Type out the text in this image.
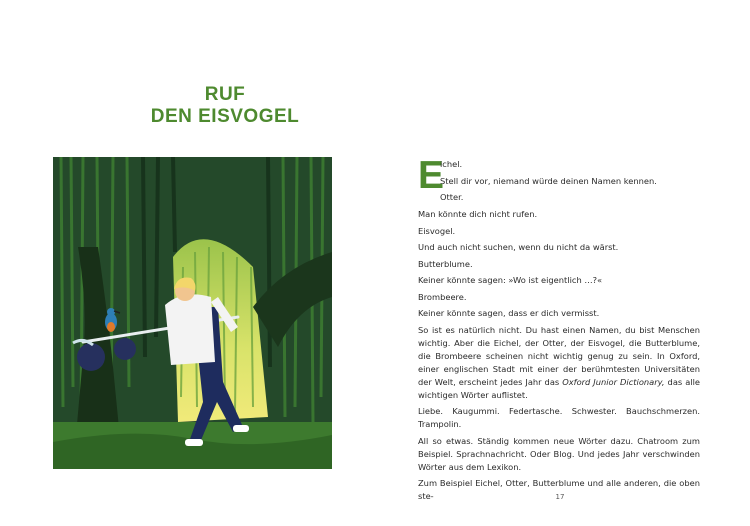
RUF
DEN EISVOGEL
E

ichel.

Stell dir vor, niemand würde deinen Namen kennen.

Otter.

Man könnte dich nicht rufen.

Eisvogel.

Und auch nicht suchen, wenn du nicht da wärst.

Butterblume.

Keiner könnte sagen: »Wo ist eigentlich …?«

Brombeere.

Keiner könnte sagen, dass er dich vermisst.

So ist es natürlich nicht. Du hast einen Namen, du bist Menschen wichtig. Aber die Eichel, der Otter, der Eisvogel, die Butterblume, die Brombeere scheinen nicht wichtig genug zu sein. In Oxford, einer englischen Stadt mit einer der berühmtesten Universitäten der Welt, erscheint jedes Jahr das Oxford Junior Dictionary, das alle wichtigen Wörter auflistet.

Liebe. Kaugummi. Federtasche. Schwester. Bauchschmerzen. Trampolin.

All so etwas. Ständig kommen neue Wörter dazu. Chatroom zum Beispiel. Sprachnachricht. Oder Blog. Und jedes Jahr verschwinden Wörter aus dem Lexikon.

Zum Beispiel Eichel, Otter, Butterblume und alle anderen, die oben ste-	17
